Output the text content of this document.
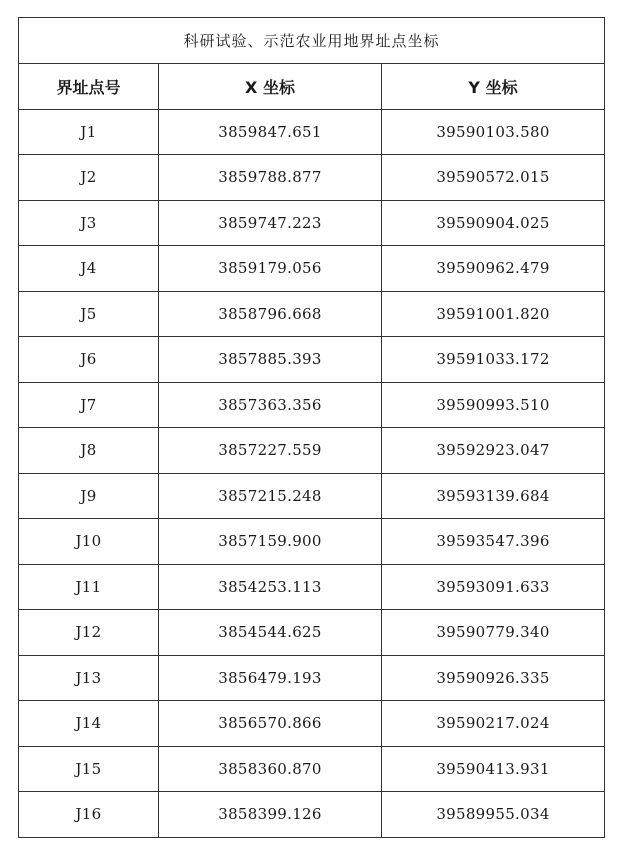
科研试验、示范农业用地界址点坐标		
界址点号	X 坐标	Y 坐标
J1	3859847.651	39590103.580
J2	3859788.877	39590572.015
J3	3859747.223	39590904.025
J4	3859179.056	39590962.479
J5	3858796.668	39591001.820
J6	3857885.393	39591033.172
J7	3857363.356	39590993.510
J8	3857227.559	39592923.047
J9	3857215.248	39593139.684
J10	3857159.900	39593547.396
J11	3854253.113	39593091.633
J12	3854544.625	39590779.340
J13	3856479.193	39590926.335
J14	3856570.866	39590217.024
J15	3858360.870	39590413.931
J16	3858399.126	39589955.034
